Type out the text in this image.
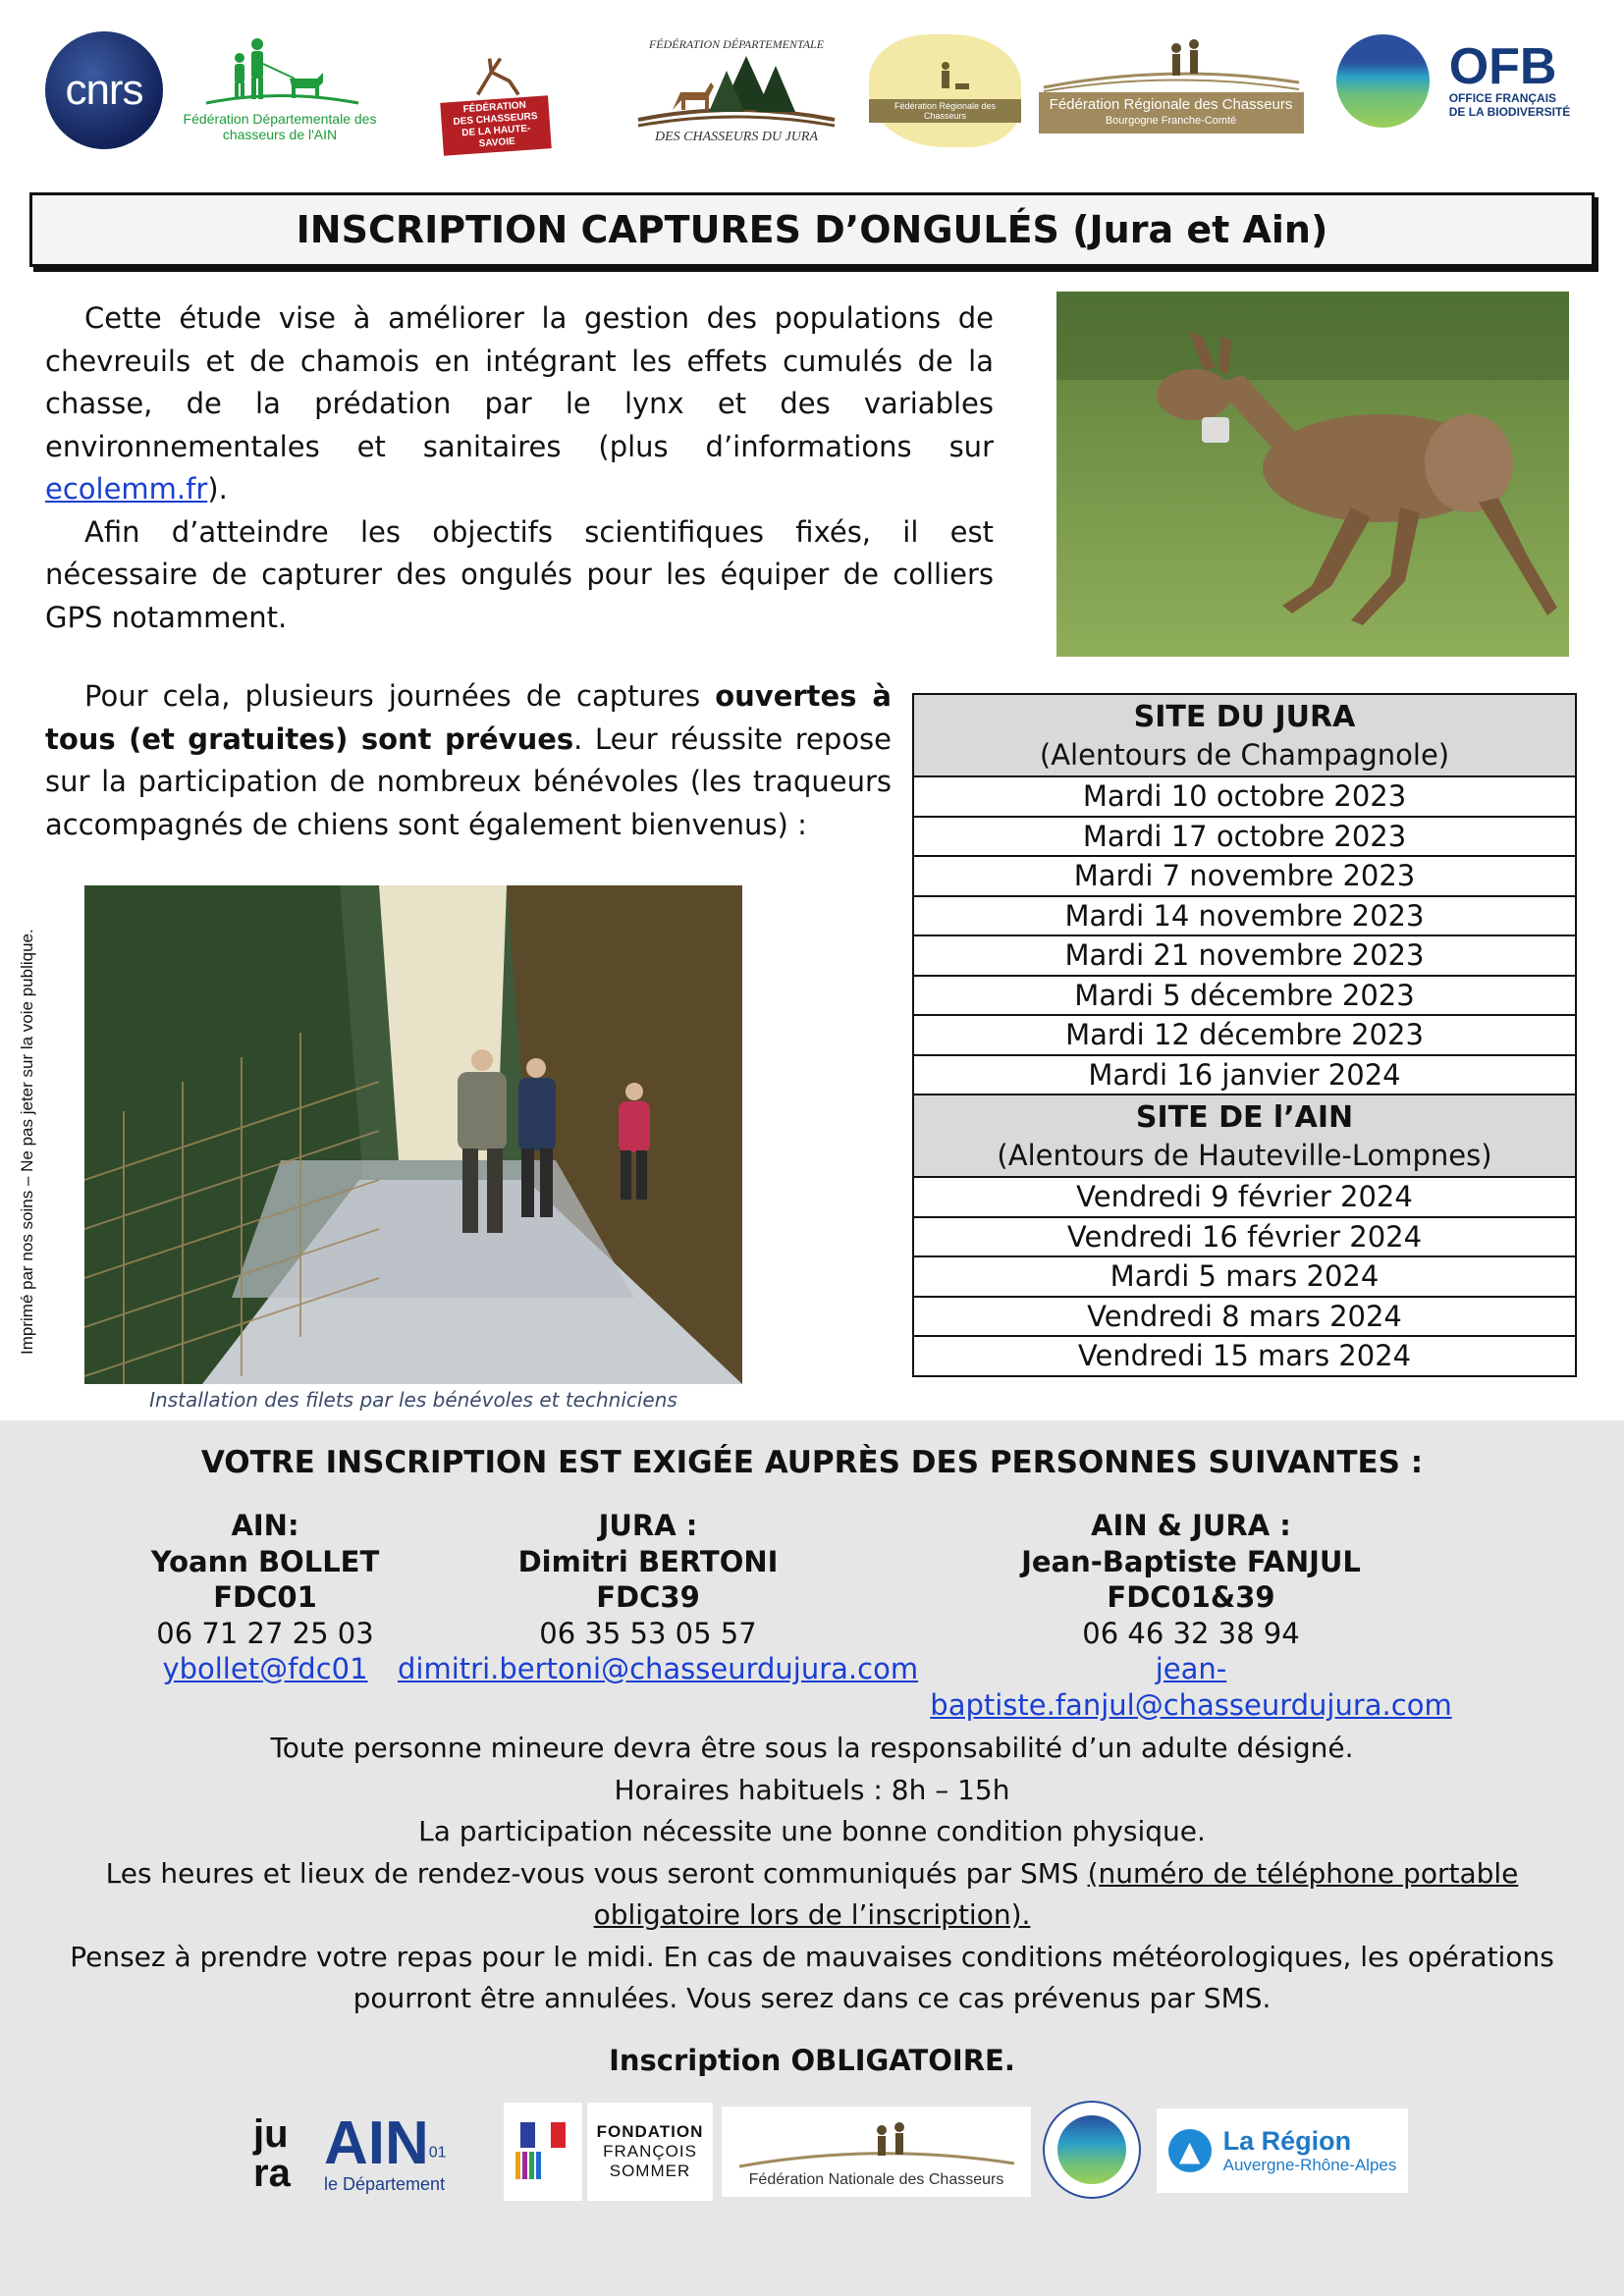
cnrs
Fédération Départementale des chasseurs de l'AIN
FÉDÉRATION
DES CHASSEURS
DE LA HAUTE-SAVOIE
FÉDÉRATION DÉPARTEMENTALE
DES CHASSEURS DU JURA
Fédération Régionale des Chasseurs
Fédération Régionale des Chasseurs
Bourgogne Franche-Comté
OFB
OFFICE FRANÇAIS
DE LA BIODIVERSITÉ
INSCRIPTION CAPTURES D’ONGULÉS (Jura et Ain)

Cette étude vise à améliorer la gestion des populations de chevreuils et de chamois en intégrant les effets cumulés de la chasse, de la prédation par le lynx et des variables environnementales et sanitaires (plus d’informations sur ecolemm.fr).

Afin d’atteindre les objectifs scientifiques fixés, il est nécessaire de capturer des ongulés pour les équiper de colliers GPS notamment.

Pour cela, plusieurs journées de captures ouvertes à tous (et gratuites) sont prévues. Leur réussite repose sur la participation de nombreux bénévoles (les traqueurs accompagnés de chiens sont également bienvenus) :

Installation des filets par les bénévoles et techniciens
Imprimé par nos soins – Ne pas jeter sur la voie publique.
SITE DU JURA
(Alentours de Champagnole)
Mardi 10 octobre 2023
Mardi 17 octobre 2023
Mardi 7 novembre 2023
Mardi 14 novembre 2023
Mardi 21 novembre 2023
Mardi 5 décembre 2023
Mardi 12 décembre 2023
Mardi 16 janvier 2024
SITE DE l’AIN
(Alentours de Hauteville-Lompnes)
Vendredi 9 février 2024
Vendredi 16 février 2024
Mardi 5 mars 2024
Vendredi 8 mars 2024
Vendredi 15 mars 2024
VOTRE INSCRIPTION EST EXIGÉE AUPRÈS DES PERSONNES SUIVANTES :
AIN:
Yoann BOLLET
FDC01
06 71 27 25 03
ybollet@fdc01
JURA :
Dimitri BERTONI
FDC39
06 35 53 05 57
dimitri.bertoni@chasseurdujura.com
AIN & JURA :
Jean-Baptiste FANJUL
FDC01&39
06 46 32 38 94
jean-baptiste.fanjul@chasseurdujura.com
Toute personne mineure devra être sous la responsabilité d’un adulte désigné.
Horaires habituels : 8h – 15h
La participation nécessite une bonne condition physique.
Les heures et lieux de rendez-vous vous seront communiqués par SMS (numéro de téléphone portable obligatoire lors de l’inscription).
Pensez à prendre votre repas pour le midi. En cas de mauvaises conditions météorologiques, les opérations pourront être annulées. Vous serez dans ce cas prévenus par SMS.
Inscription OBLIGATOIRE.
ju
ra AIN$^{01}$
le Département
FONDATION
FRANÇOIS
SOMMER	Fédération Nationale des Chasseurs
▲ La Région
Auvergne-Rhône-Alpes
